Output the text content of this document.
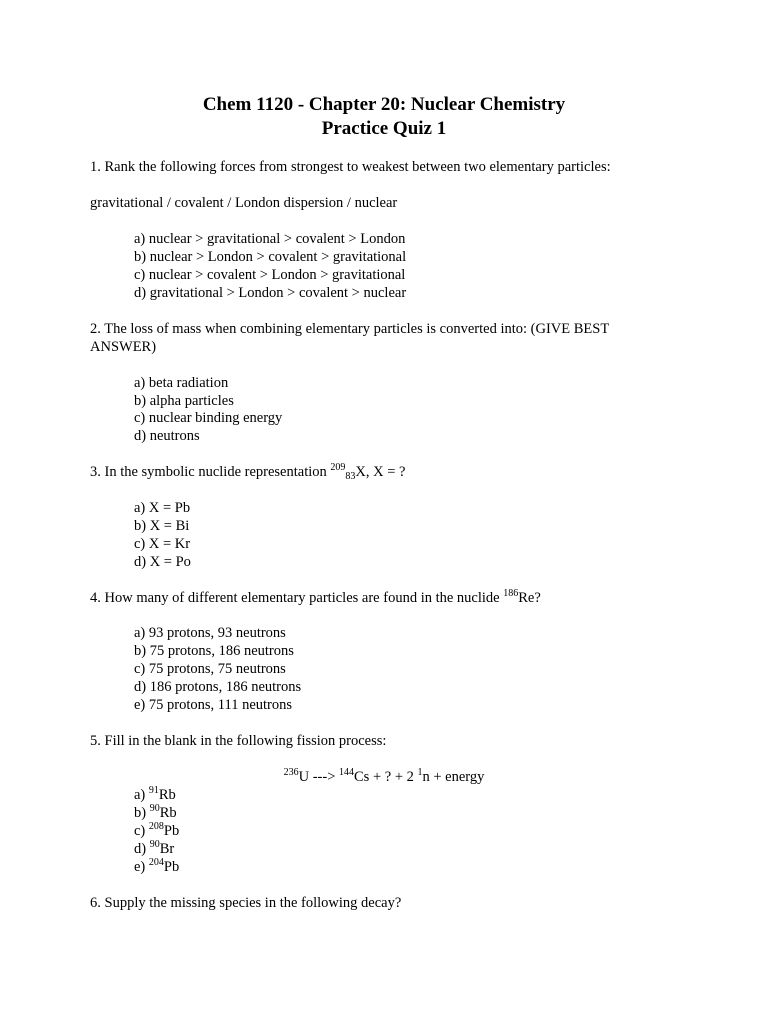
Chem 1120 - Chapter 20: Nuclear Chemistry
Practice Quiz 1
1. Rank the following forces from strongest to weakest between two elementary particles:
gravitational / covalent / London dispersion / nuclear
a) nuclear > gravitational > covalent > London
b) nuclear > London > covalent > gravitational
c) nuclear > covalent > London > gravitational
d) gravitational > London > covalent > nuclear
2. The loss of mass when combining elementary particles is converted into: (GIVE BEST ANSWER)
a) beta radiation
b) alpha particles
c) nuclear binding energy
d) neutrons
3. In the symbolic nuclide representation $^{209}_{83}$X, X = ?
a) X = Pb
b) X = Bi
c) X = Kr
d) X = Po
4. How many of different elementary particles are found in the nuclide $^{186}$Re?
a) 93 protons, 93 neutrons
b) 75 protons, 186 neutrons
c) 75 protons, 75 neutrons
d) 186 protons, 186 neutrons
e) 75 protons, 111 neutrons
5. Fill in the blank in the following fission process:
$^{236}$U ---> $^{144}$Cs + ? + 2 $^1$n + energy
a) $^{91}$Rb
b) $^{90}$Rb
c) $^{208}$Pb
d) $^{90}$Br
e) $^{204}$Pb
6. Supply the missing species in the following decay?
